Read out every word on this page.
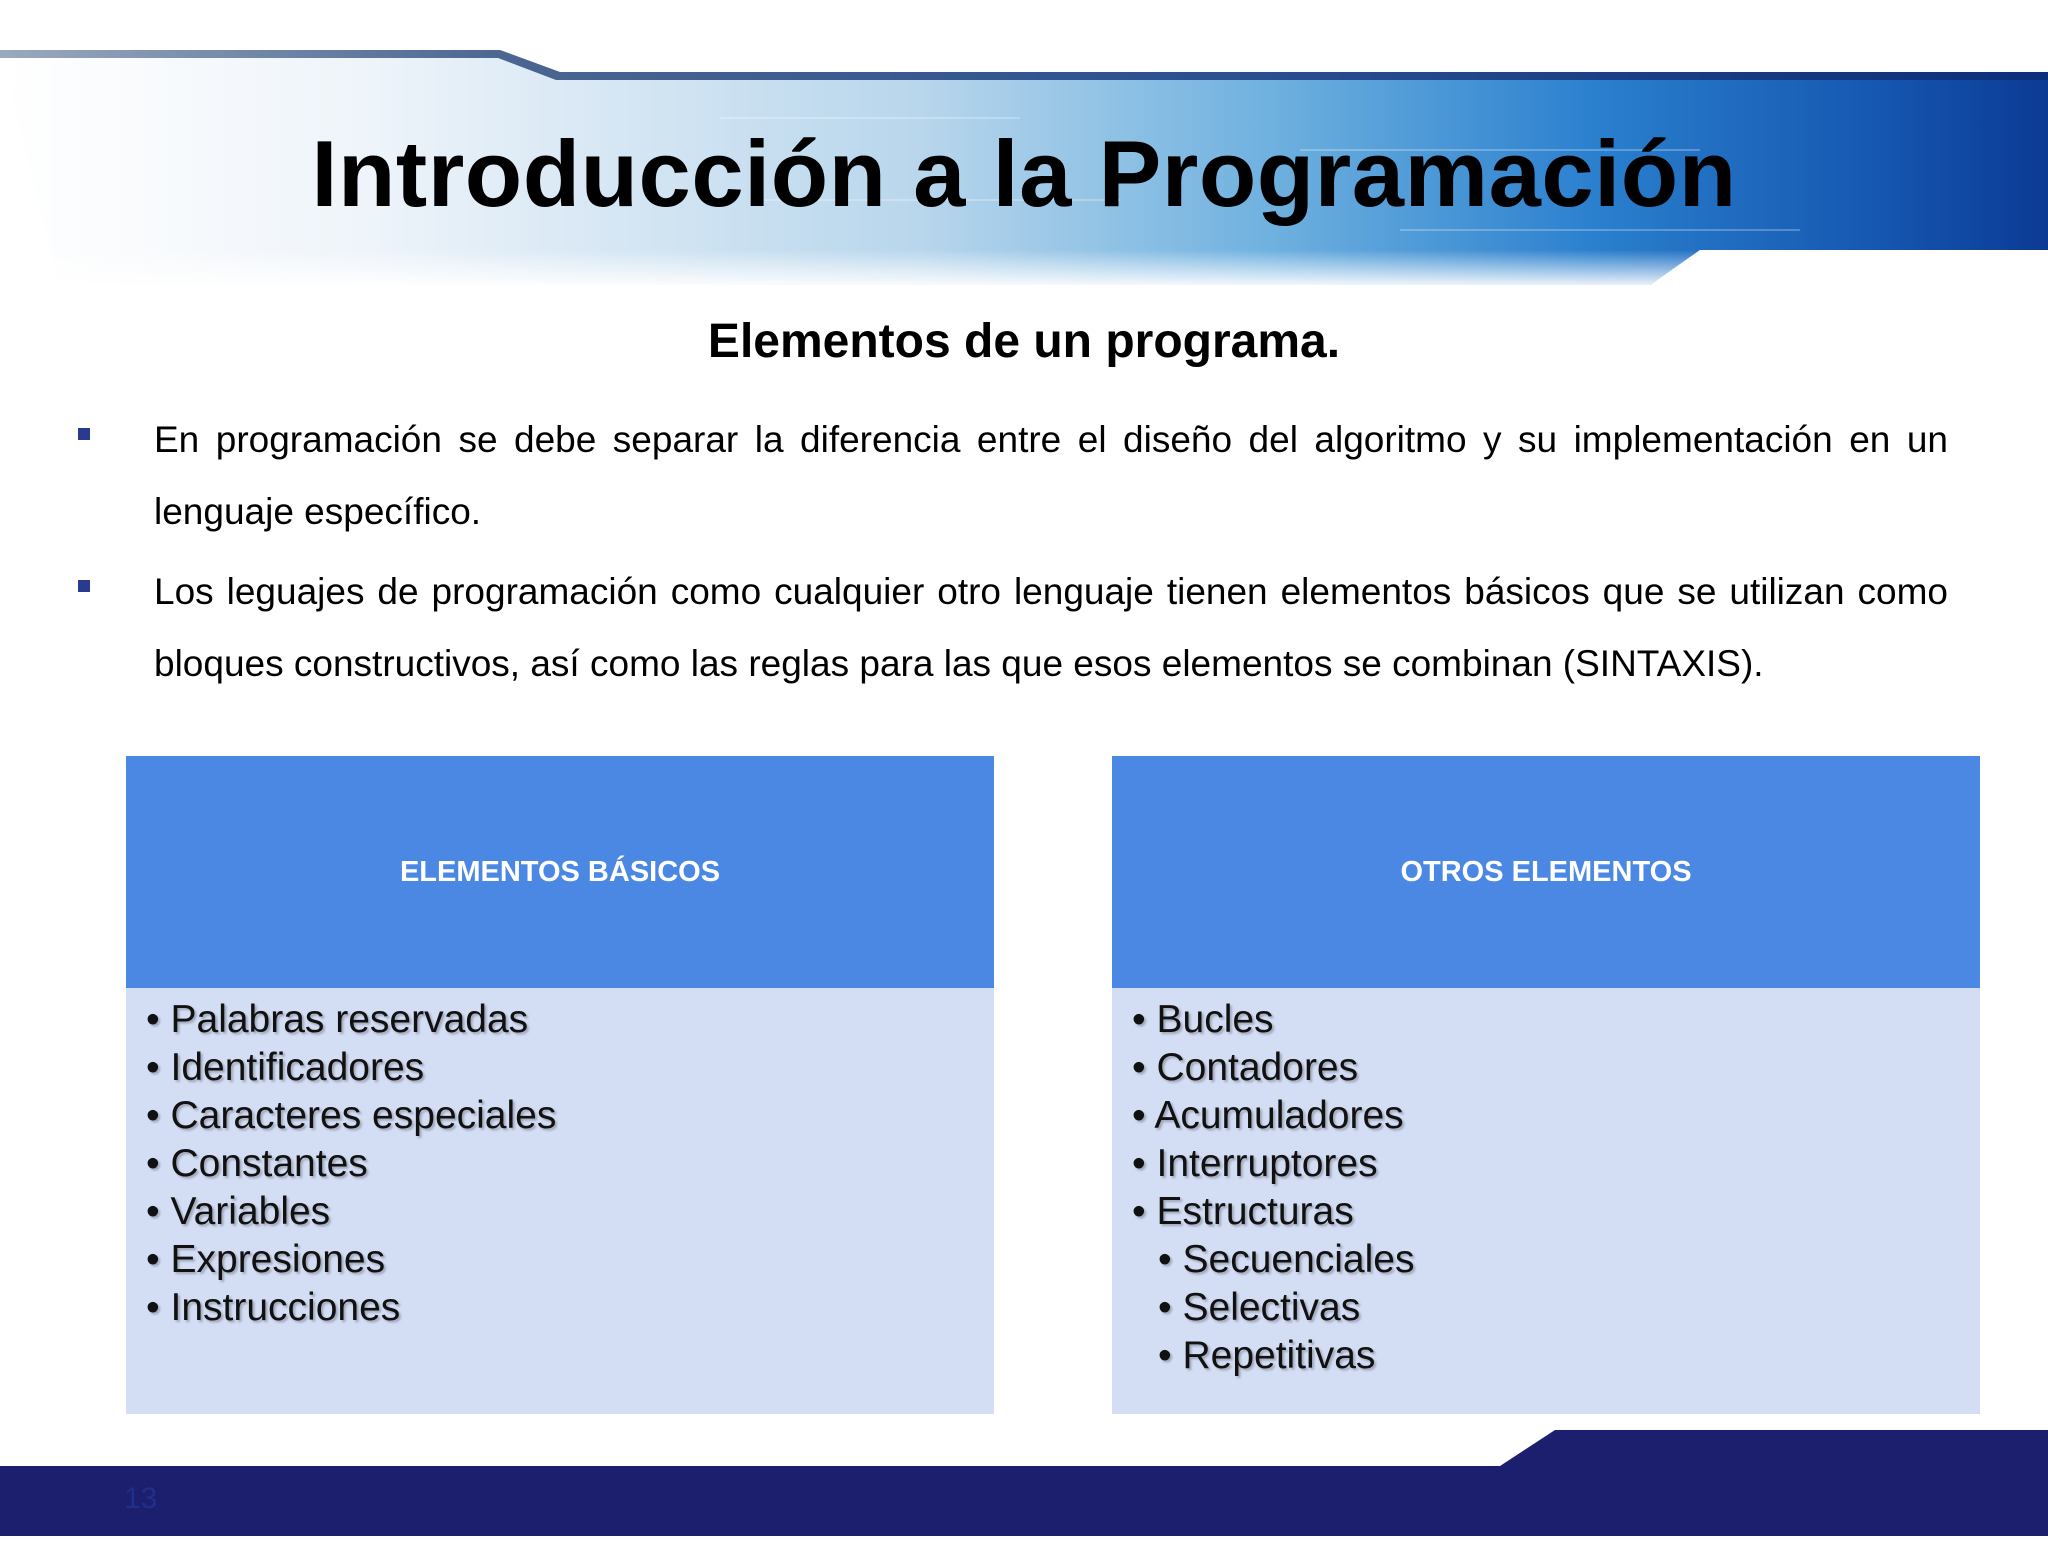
Introducción a la Programación
Elementos de un programa.
En programación se debe separar la diferencia entre el diseño del algoritmo y su implementación en un lenguaje específico.
Los leguajes de programación como cualquier otro lenguaje tienen elementos básicos que se utilizan como bloques constructivos, así como las reglas para las que esos elementos se combinan (SINTAXIS).
ELEMENTOS BÁSICOS
• Palabras reservadas
• Identificadores
• Caracteres especiales
• Constantes
• Variables
• Expresiones
• Instrucciones
OTROS ELEMENTOS
• Bucles
• Contadores
• Acumuladores
• Interruptores
• Estructuras
• Secuenciales
• Selectivas
• Repetitivas
13
